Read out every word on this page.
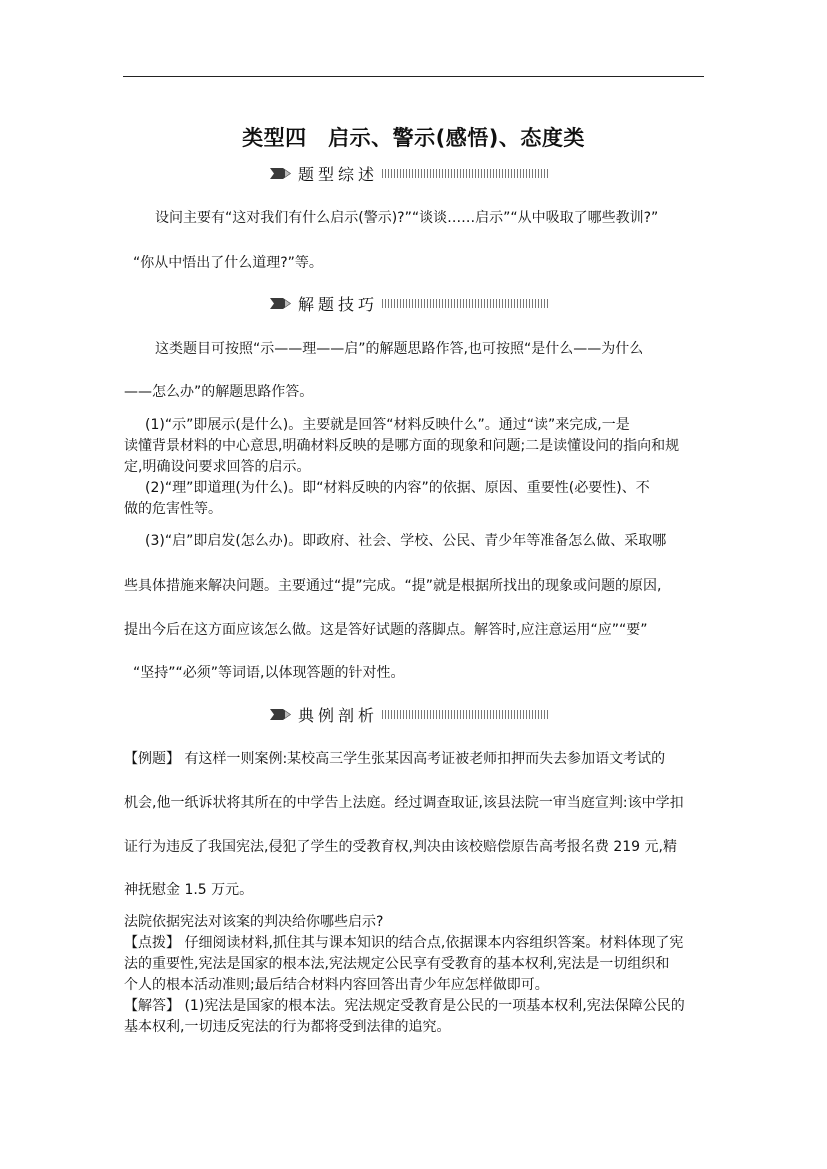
类型四　启示、警示(感悟)、态度类
题型综述
设问主要有“这对我们有什么启示(警示)?”“谈谈……启示”“从中吸取了哪些教训?”
“你从中悟出了什么道理?”等。
解题技巧
这类题目可按照“示——理——启”的解题思路作答,也可按照“是什么——为什么
——怎么办”的解题思路作答。
(1)“示”即展示(是什么)。主要就是回答“材料反映什么”。通过“读”来完成,一是
读懂背景材料的中心意思,明确材料反映的是哪方面的现象和问题;二是读懂设问的指向和规
定,明确设问要求回答的启示。
(2)“理”即道理(为什么)。即“材料反映的内容”的依据、原因、重要性(必要性)、不
做的危害性等。
(3)“启”即启发(怎么办)。即政府、社会、学校、公民、青少年等准备怎么做、采取哪
些具体措施来解决问题。主要通过“提”完成。“提”就是根据所找出的现象或问题的原因,
提出今后在这方面应该怎么做。这是答好试题的落脚点。解答时,应注意运用“应”“要”
“坚持”“必须”等词语,以体现答题的针对性。
典例剖析
【例题】 有这样一则案例:某校高三学生张某因高考证被老师扣押而失去参加语文考试的
机会,他一纸诉状将其所在的中学告上法庭。经过调查取证,该县法院一审当庭宣判:该中学扣
证行为违反了我国宪法,侵犯了学生的受教育权,判决由该校赔偿原告高考报名费 219 元,精
神抚慰金 1.5 万元。
法院依据宪法对该案的判决给你哪些启示?
【点拨】 仔细阅读材料,抓住其与课本知识的结合点,依据课本内容组织答案。材料体现了宪
法的重要性,宪法是国家的根本法,宪法规定公民享有受教育的基本权利,宪法是一切组织和
个人的根本活动准则;最后结合材料内容回答出青少年应怎样做即可。
【解答】 (1)宪法是国家的根本法。宪法规定受教育是公民的一项基本权利,宪法保障公民的
基本权利,一切违反宪法的行为都将受到法律的追究。
